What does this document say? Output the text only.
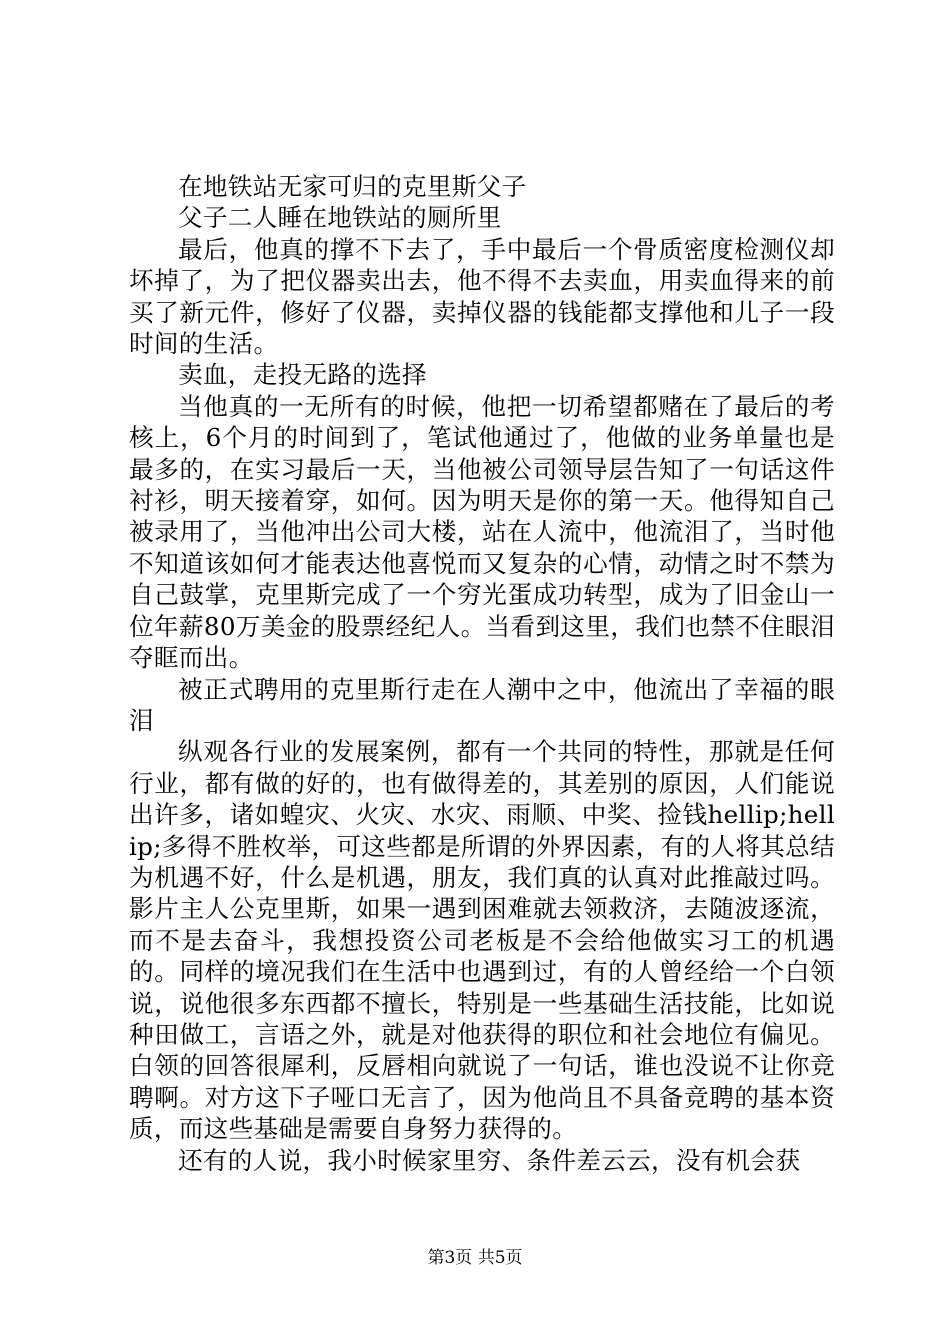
在地铁站无家可归的克里斯父子

父子二人睡在地铁站的厕所里

最后，他真的撑不下去了，手中最后一个骨质密度检测仪却坏掉了，为了把仪器卖出去，他不得不去卖血，用卖血得来的前买了新元件，修好了仪器，卖掉仪器的钱能都支撑他和儿子一段时间的生活。

卖血，走投无路的选择

当他真的一无所有的时候，他把一切希望都赌在了最后的考核上，6个月的时间到了，笔试他通过了，他做的业务单量也是最多的，在实习最后一天，当他被公司领导层告知了一句话这件衬衫，明天接着穿，如何。因为明天是你的第一天。他得知自己被录用了，当他冲出公司大楼，站在人流中，他流泪了，当时他不知道该如何才能表达他喜悦而又复杂的心情，动情之时不禁为自己鼓掌，克里斯完成了一个穷光蛋成功转型，成为了旧金山一位年薪80万美金的股票经纪人。当看到这里，我们也禁不住眼泪夺眶而出。

被正式聘用的克里斯行走在人潮中之中，他流出了幸福的眼泪

纵观各行业的发展案例，都有一个共同的特性，那就是任何行业，都有做的好的，也有做得差的，其差别的原因，人们能说出许多，诸如蝗灾、火灾、水灾、雨顺、中奖、捡钱hellip;hellip;多得不胜枚举，可这些都是所谓的外界因素，有的人将其总结为机遇不好，什么是机遇，朋友，我们真的认真对此推敲过吗。影片主人公克里斯，如果一遇到困难就去领救济，去随波逐流，而不是去奋斗，我想投资公司老板是不会给他做实习工的机遇的。同样的境况我们在生活中也遇到过，有的人曾经给一个白领说，说他很多东西都不擅长，特别是一些基础生活技能，比如说种田做工，言语之外，就是对他获得的职位和社会地位有偏见。白领的回答很犀利，反唇相向就说了一句话，谁也没说不让你竞聘啊。对方这下子哑口无言了，因为他尚且不具备竞聘的基本资质，而这些基础是需要自身努力获得的。

还有的人说，我小时候家里穷、条件差云云，没有机会获

第3页 共5页
